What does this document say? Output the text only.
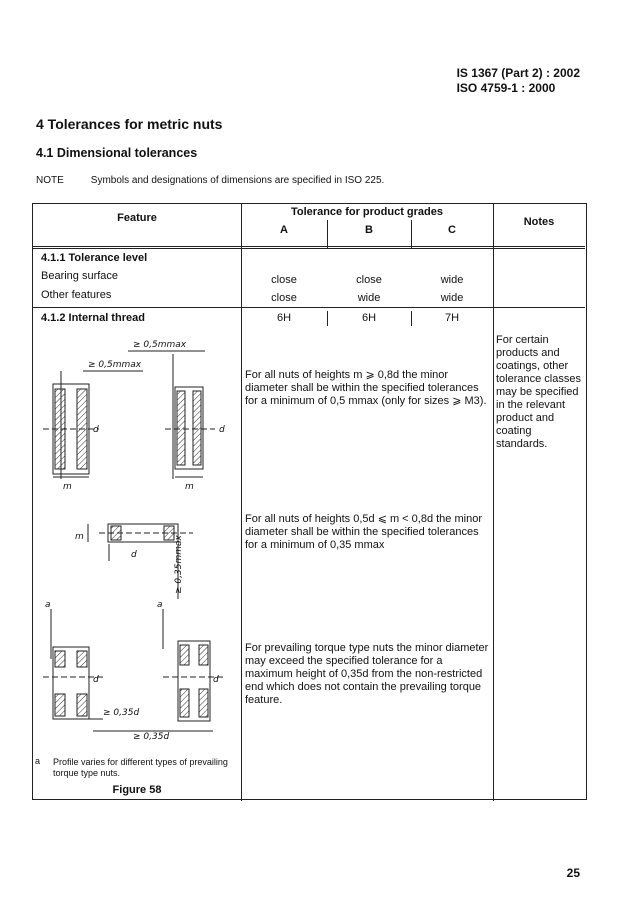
IS 1367 (Part 2) : 2002
ISO 4759-1 : 2000
4 Tolerances for metric nuts
4.1 Dimensional tolerances
NOTE	Symbols and designations of dimensions are specified in ISO 225.
Feature	Tolerance for product grades
Notes
A	B	C
4.1.1 Tolerance level
Bearing surface	close	close	wide
Other features	close	wide	wide
4.1.2 Internal thread	6H	6H	7H
For all nuts of heights m ⩾ 0,8d the minor diameter shall be within the specified tolerances for a minimum of 0,5 mmax (only for sizes ⩾ M3).
For all nuts of heights 0,5d ⩽ m < 0,8d the minor diameter shall be within the specified tolerances for a minimum of 0,35 mmax
For prevailing torque type nuts the minor diameter may exceed the specified tolerance for a maximum height of 0,35d from the non-restricted end which does not contain the prevailing torque feature.
For certain products and coatings, other tolerance classes may be specified in the relevant product and coating standards.
≥ 0,5mmax
≥ 0,5mmax
d	d
m	m
m
d	≥ 0,35mmax
a	a
d	d
≥ 0,35d
≥ 0,35d
a Profile varies for different types of prevailing torque type nuts.
Figure 58
25
